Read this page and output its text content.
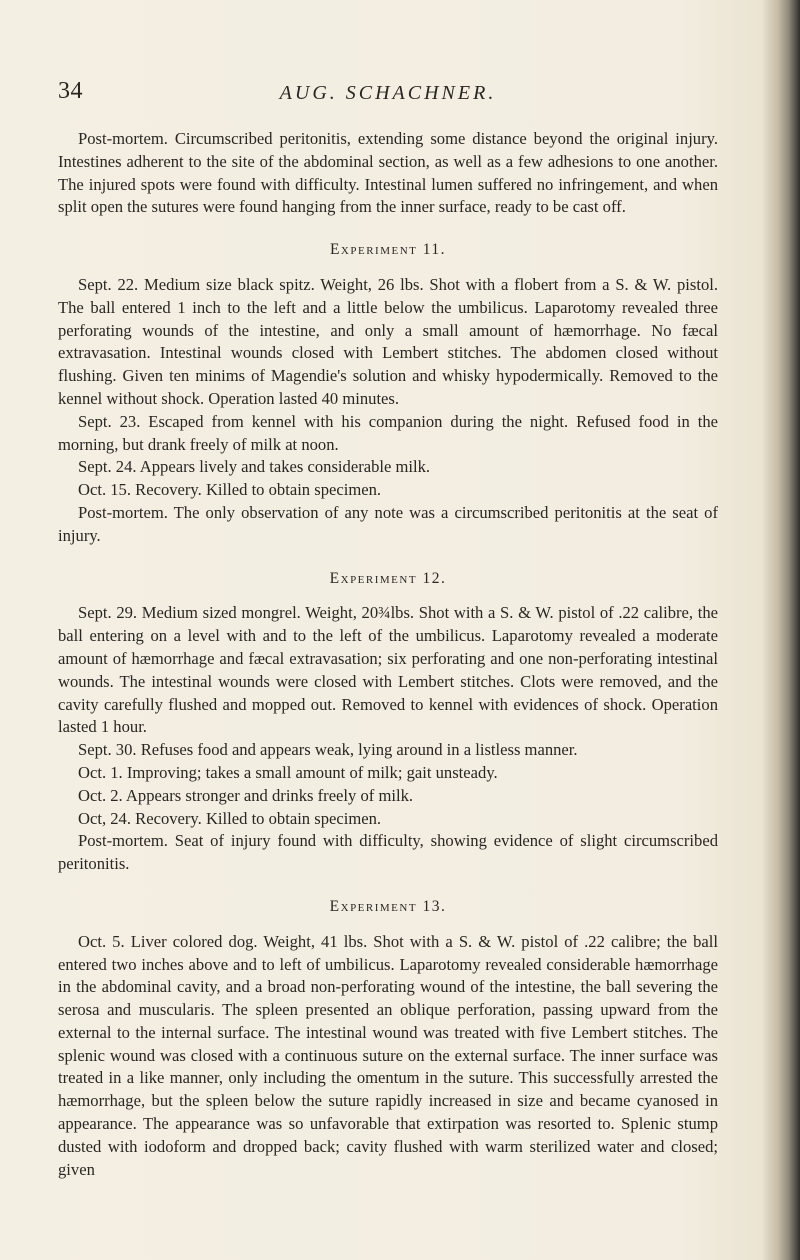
34	AUG. SCHACHNER.

Post-mortem. Circumscribed peritonitis, extending some distance beyond the original injury. Intestines adherent to the site of the abdominal section, as well as a few adhesions to one another. The injured spots were found with difficulty. Intestinal lumen suffered no infringement, and when split open the sutures were found hanging from the inner surface, ready to be cast off.

Experiment 11.

Sept. 22. Medium size black spitz. Weight, 26 lbs. Shot with a flobert from a S. & W. pistol. The ball entered 1 inch to the left and a little below the umbilicus. Laparotomy revealed three perforating wounds of the intestine, and only a small amount of hæmorrhage. No fæcal extravasation. Intestinal wounds closed with Lembert stitches. The abdomen closed without flushing. Given ten minims of Magendie's solution and whisky hypodermically. Removed to the kennel without shock. Operation lasted 40 minutes.

Sept. 23. Escaped from kennel with his companion during the night. Refused food in the morning, but drank freely of milk at noon.

Sept. 24. Appears lively and takes considerable milk.

Oct. 15. Recovery. Killed to obtain specimen.

Post-mortem. The only observation of any note was a circumscribed peritonitis at the seat of injury.

Experiment 12.

Sept. 29. Medium sized mongrel. Weight, 20¾lbs. Shot with a S. & W. pistol of .22 calibre, the ball entering on a level with and to the left of the umbilicus. Laparotomy revealed a moderate amount of hæmorrhage and fæcal extravasation; six perforating and one non-perforating intestinal wounds. The intestinal wounds were closed with Lembert stitches. Clots were removed, and the cavity carefully flushed and mopped out. Removed to kennel with evidences of shock. Operation lasted 1 hour.

Sept. 30. Refuses food and appears weak, lying around in a listless manner.

Oct. 1. Improving; takes a small amount of milk; gait unsteady.

Oct. 2. Appears stronger and drinks freely of milk.

Oct, 24. Recovery. Killed to obtain specimen.

Post-mortem. Seat of injury found with difficulty, showing evidence of slight circumscribed peritonitis.

Experiment 13.

Oct. 5. Liver colored dog. Weight, 41 lbs. Shot with a S. & W. pistol of .22 calibre; the ball entered two inches above and to left of umbilicus. Laparotomy revealed considerable hæmorrhage in the abdominal cavity, and a broad non-perforating wound of the intestine, the ball severing the serosa and muscularis. The spleen presented an oblique perforation, passing upward from the external to the internal surface. The intestinal wound was treated with five Lembert stitches. The splenic wound was closed with a continuous suture on the external surface. The inner surface was treated in a like manner, only including the omentum in the suture. This successfully arrested the hæmorrhage, but the spleen below the suture rapidly increased in size and became cyanosed in appearance. The appearance was so unfavorable that extirpation was resorted to. Splenic stump dusted with iodoform and dropped back; cavity flushed with warm sterilized water and closed; given
